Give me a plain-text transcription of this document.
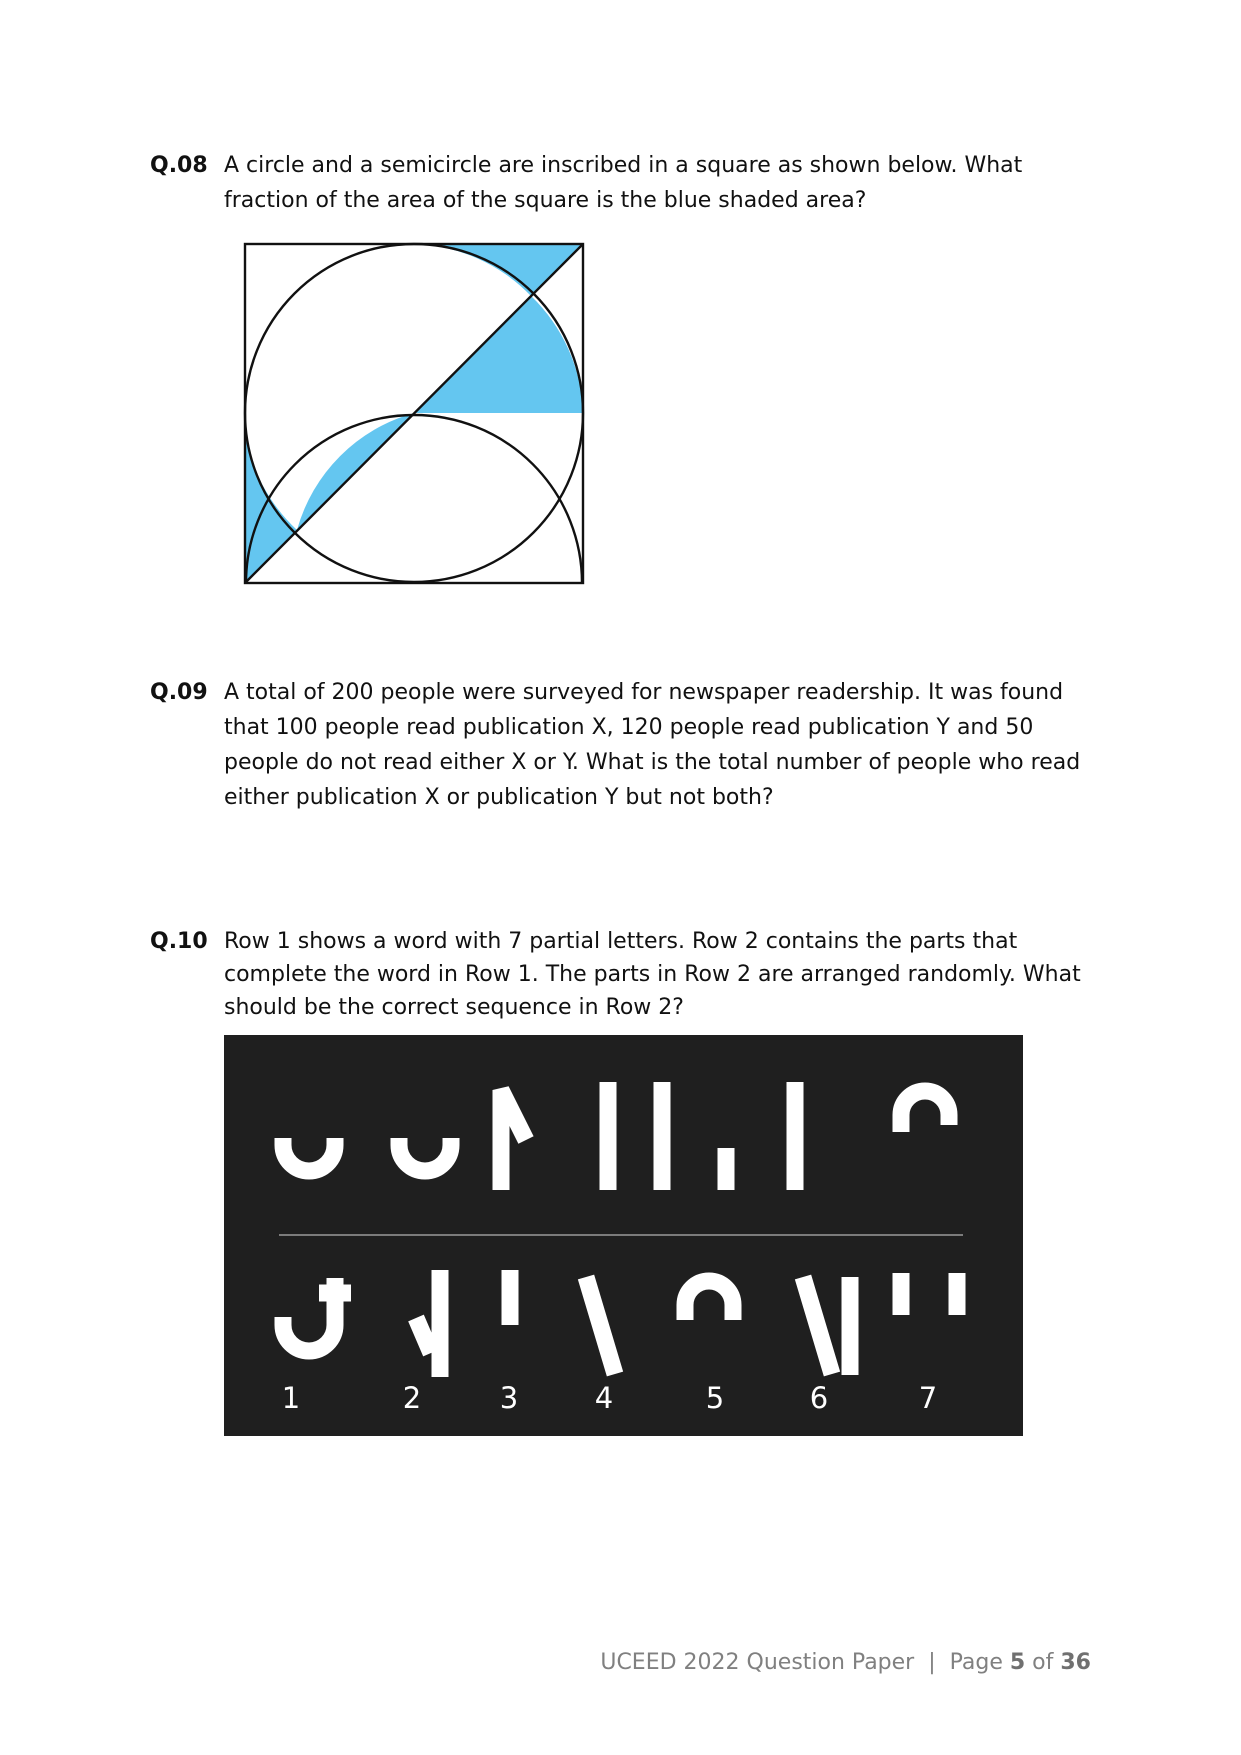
Q.08 A circle and a semicircle are inscribed in a square as shown below. What fraction of the area of the square is the blue shaded area?
Q.09 A total of 200 people were surveyed for newspaper readership. It was found that 100 people read publication X, 120 people read publication Y and 50 people do not read either X or Y. What is the total number of people who read either publication X or publication Y but not both?
Q.10 Row 1 shows a word with 7 partial letters. Row 2 contains the parts that complete the word in Row 1. The parts in Row 2 are arranged randomly. What should be the correct sequence in Row 2?
1	2	3	4	5	6	7
UCEED 2022 Question Paper  |  Page 5 of 36
